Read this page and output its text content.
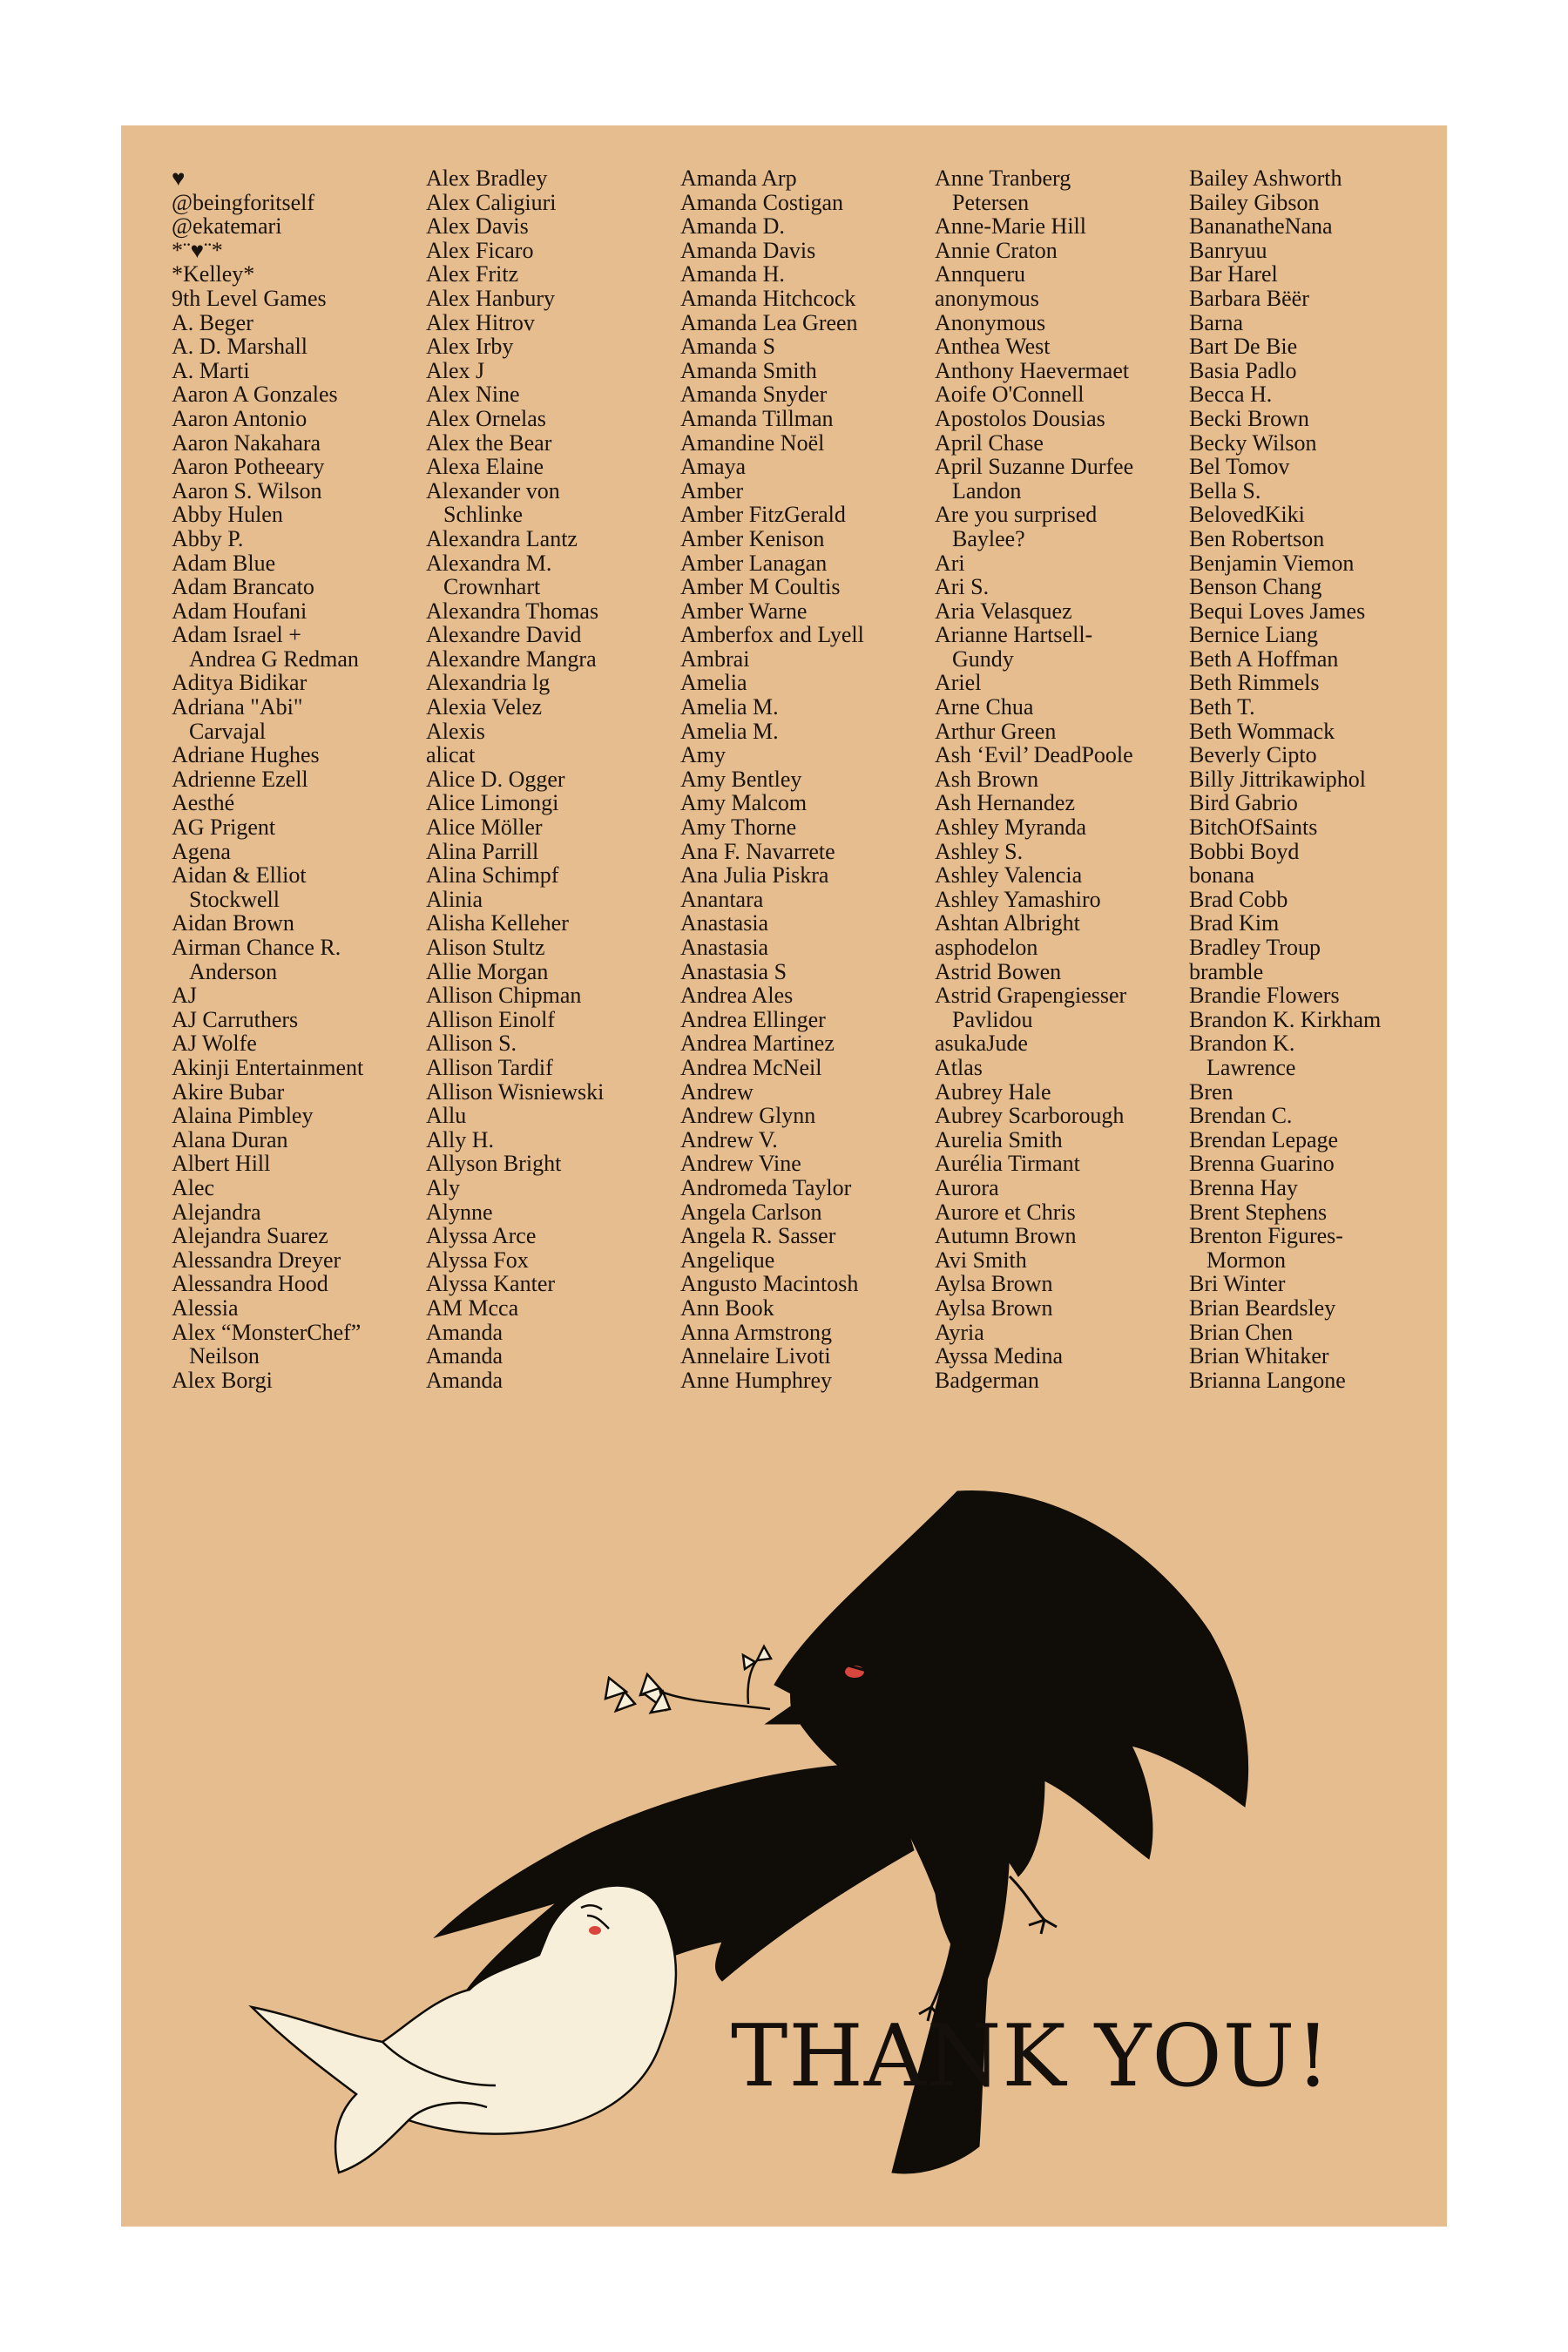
♥
@beingforitself
@ekatemari
*¨♥¨*
*Kelley*
9th Level Games
A. Beger
A. D. Marshall
A. Marti
Aaron A Gonzales
Aaron Antonio
Aaron Nakahara
Aaron Potheeary
Aaron S. Wilson
Abby Hulen
Abby P.
Adam Blue
Adam Brancato
Adam Houfani
Adam Israel +
Andrea G Redman
Aditya Bidikar
Adriana "Abi"
Carvajal
Adriane Hughes
Adrienne Ezell
Aesthé
AG Prigent
Agena
Aidan & Elliot
Stockwell
Aidan Brown
Airman Chance R.
Anderson
AJ
AJ Carruthers
AJ Wolfe
Akinji Entertainment
Akire Bubar
Alaina Pimbley
Alana Duran
Albert Hill
Alec
Alejandra
Alejandra Suarez
Alessandra Dreyer
Alessandra Hood
Alessia
Alex “MonsterChef”
Neilson
Alex Borgi
Alex Bradley
Alex Caligiuri
Alex Davis
Alex Ficaro
Alex Fritz
Alex Hanbury
Alex Hitrov
Alex Irby
Alex J
Alex Nine
Alex Ornelas
Alex the Bear
Alexa Elaine
Alexander von
Schlinke
Alexandra Lantz
Alexandra M.
Crownhart
Alexandra Thomas
Alexandre David
Alexandre Mangra
Alexandria lg
Alexia Velez
Alexis
alicat
Alice D. Ogger
Alice Limongi
Alice Möller
Alina Parrill
Alina Schimpf
Alinia
Alisha Kelleher
Alison Stultz
Allie Morgan
Allison Chipman
Allison Einolf
Allison S.
Allison Tardif
Allison Wisniewski
Allu
Ally H.
Allyson Bright
Aly
Alynne
Alyssa Arce
Alyssa Fox
Alyssa Kanter
AM Mcca
Amanda
Amanda
Amanda
Amanda Arp
Amanda Costigan
Amanda D.
Amanda Davis
Amanda H.
Amanda Hitchcock
Amanda Lea Green
Amanda S
Amanda Smith
Amanda Snyder
Amanda Tillman
Amandine Noël
Amaya
Amber
Amber FitzGerald
Amber Kenison
Amber Lanagan
Amber M Coultis
Amber Warne
Amberfox and Lyell
Ambrai
Amelia
Amelia M.
Amelia M.
Amy
Amy Bentley
Amy Malcom
Amy Thorne
Ana F. Navarrete
Ana Julia Piskra
Anantara
Anastasia
Anastasia
Anastasia S
Andrea Ales
Andrea Ellinger
Andrea Martinez
Andrea McNeil
Andrew
Andrew Glynn
Andrew V.
Andrew Vine
Andromeda Taylor
Angela Carlson
Angela R. Sasser
Angelique
Angusto Macintosh
Ann Book
Anna Armstrong
Annelaire Livoti
Anne Humphrey
Anne Tranberg
Petersen
Anne-Marie Hill
Annie Craton
Annqueru
anonymous
Anonymous
Anthea West
Anthony Haevermaet
Aoife O'Connell
Apostolos Dousias
April Chase
April Suzanne Durfee
Landon
Are you surprised
Baylee?
Ari
Ari S.
Aria Velasquez
Arianne Hartsell-
Gundy
Ariel
Arne Chua
Arthur Green
Ash ‘Evil’ DeadPoole
Ash Brown
Ash Hernandez
Ashley Myranda
Ashley S.
Ashley Valencia
Ashley Yamashiro
Ashtan Albright
asphodelon
Astrid Bowen
Astrid Grapengiesser
Pavlidou
asukaJude
Atlas
Aubrey Hale
Aubrey Scarborough
Aurelia Smith
Aurélia Tirmant
Aurora
Aurore et Chris
Autumn Brown
Avi Smith
Aylsa Brown
Aylsa Brown
Ayria
Ayssa Medina
Badgerman
Bailey Ashworth
Bailey Gibson
BananatheNana
Banryuu
Bar Harel
Barbara Bëër
Barna
Bart De Bie
Basia Padlo
Becca H.
Becki Brown
Becky Wilson
Bel Tomov
Bella S.
BelovedKiki
Ben Robertson
Benjamin Viemon
Benson Chang
Bequi Loves James
Bernice Liang
Beth A Hoffman
Beth Rimmels
Beth T.
Beth Wommack
Beverly Cipto
Billy Jittrikawiphol
Bird Gabrio
BitchOfSaints
Bobbi Boyd
bonana
Brad Cobb
Brad Kim
Bradley Troup
bramble
Brandie Flowers
Brandon K. Kirkham
Brandon K.
Lawrence
Bren
Brendan C.
Brendan Lepage
Brenna Guarino
Brenna Hay
Brent Stephens
Brenton Figures-
Mormon
Bri Winter
Brian Beardsley
Brian Chen
Brian Whitaker
Brianna Langone
THANK YOU!
